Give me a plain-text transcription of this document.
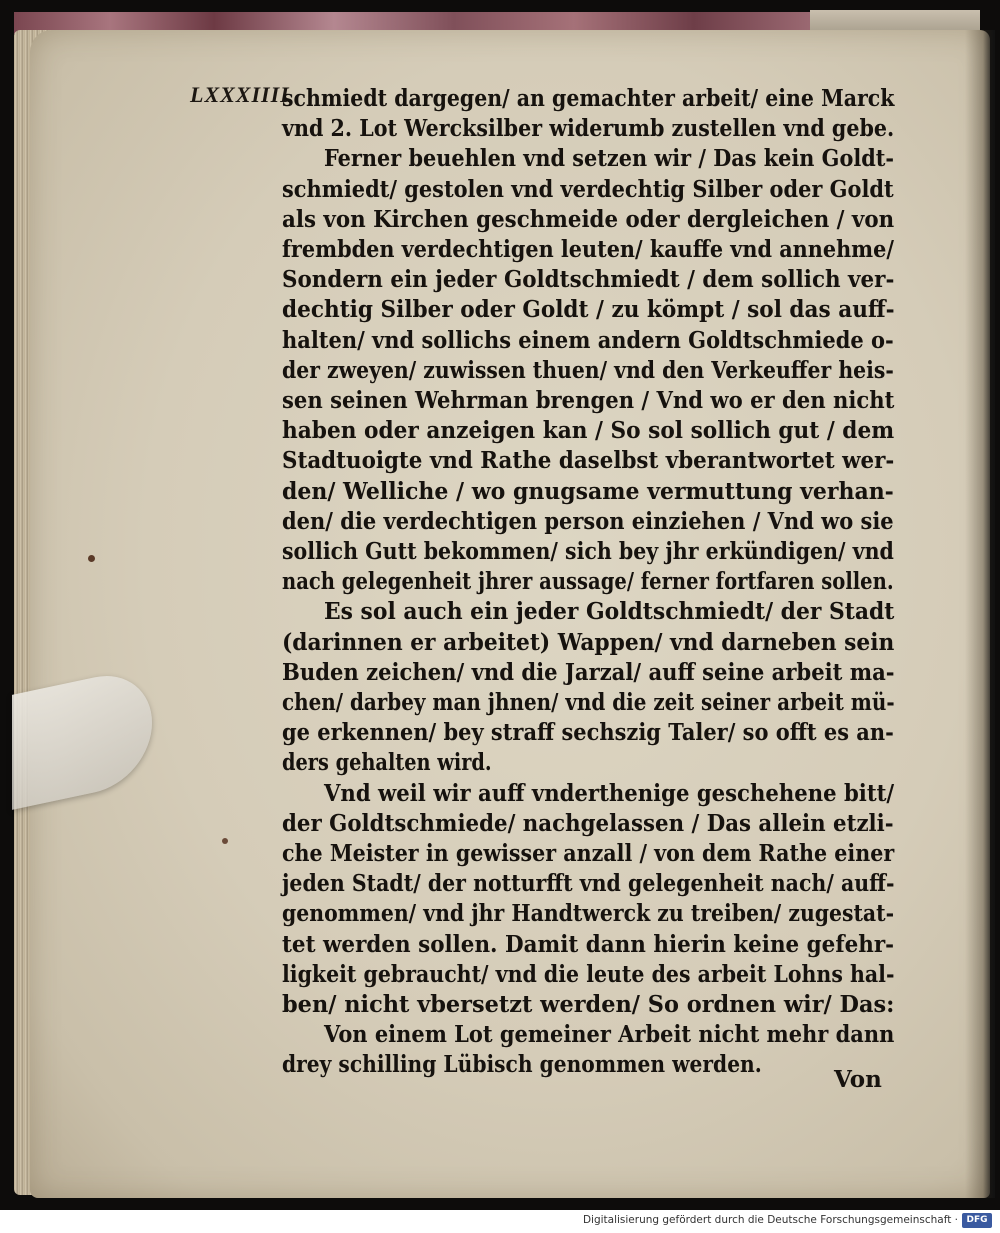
LXXXIIII
schmiedt dargegen/ an gemachter arbeit/ eine Marck
vnd 2. Lot Wercksilber widerumb zustellen vnd gebe.
Ferner beuehlen vnd setzen wir / Das kein Goldt-
schmiedt/ gestolen vnd verdechtig Silber oder Goldt
als von Kirchen geschmeide oder dergleichen / von
frembden verdechtigen leuten/ kauffe vnd annehme/
Sondern ein jeder Goldtschmiedt / dem sollich ver-
dechtig Silber oder Goldt / zu kömpt / sol das auff-
halten/ vnd sollichs einem andern Goldtschmiede o-
der zweyen/ zuwissen thuen/ vnd den Verkeuffer heis-
sen seinen Wehrman brengen / Vnd wo er den nicht
haben oder anzeigen kan / So sol sollich gut / dem
Stadtuoigte vnd Rathe daselbst vberantwortet wer-
den/ Welliche / wo gnugsame vermuttung verhan-
den/ die verdechtigen person einziehen / Vnd wo sie
sollich Gutt bekommen/ sich bey jhr erkündigen/ vnd
nach gelegenheit jhrer aussage/ ferner fortfaren sollen.
Es sol auch ein jeder Goldtschmiedt/ der Stadt
(darinnen er arbeitet) Wappen/ vnd darneben sein
Buden zeichen/ vnd die Jarzal/ auff seine arbeit ma-
chen/ darbey man jhnen/ vnd die zeit seiner arbeit mü-
ge erkennen/ bey straff sechszig Taler/ so offt es an-
ders gehalten wird.
Vnd weil wir auff vnderthenige geschehene bitt/
der Goldtschmiede/ nachgelassen / Das allein etzli-
che Meister in gewisser anzall / von dem Rathe einer
jeden Stadt/ der notturfft vnd gelegenheit nach/ auff-
genommen/ vnd jhr Handtwerck zu treiben/ zugestat-
tet werden sollen. Damit dann hierin keine gefehr-
ligkeit gebraucht/ vnd die leute des arbeit Lohns hal-
ben/ nicht vbersetzt werden/ So ordnen wir/ Das:
Von einem Lot gemeiner Arbeit nicht mehr dann
drey schilling Lübisch genommen werden.
Von
Digitalisierung gefördert durch die Deutsche Forschungsgemeinschaft · DFG
